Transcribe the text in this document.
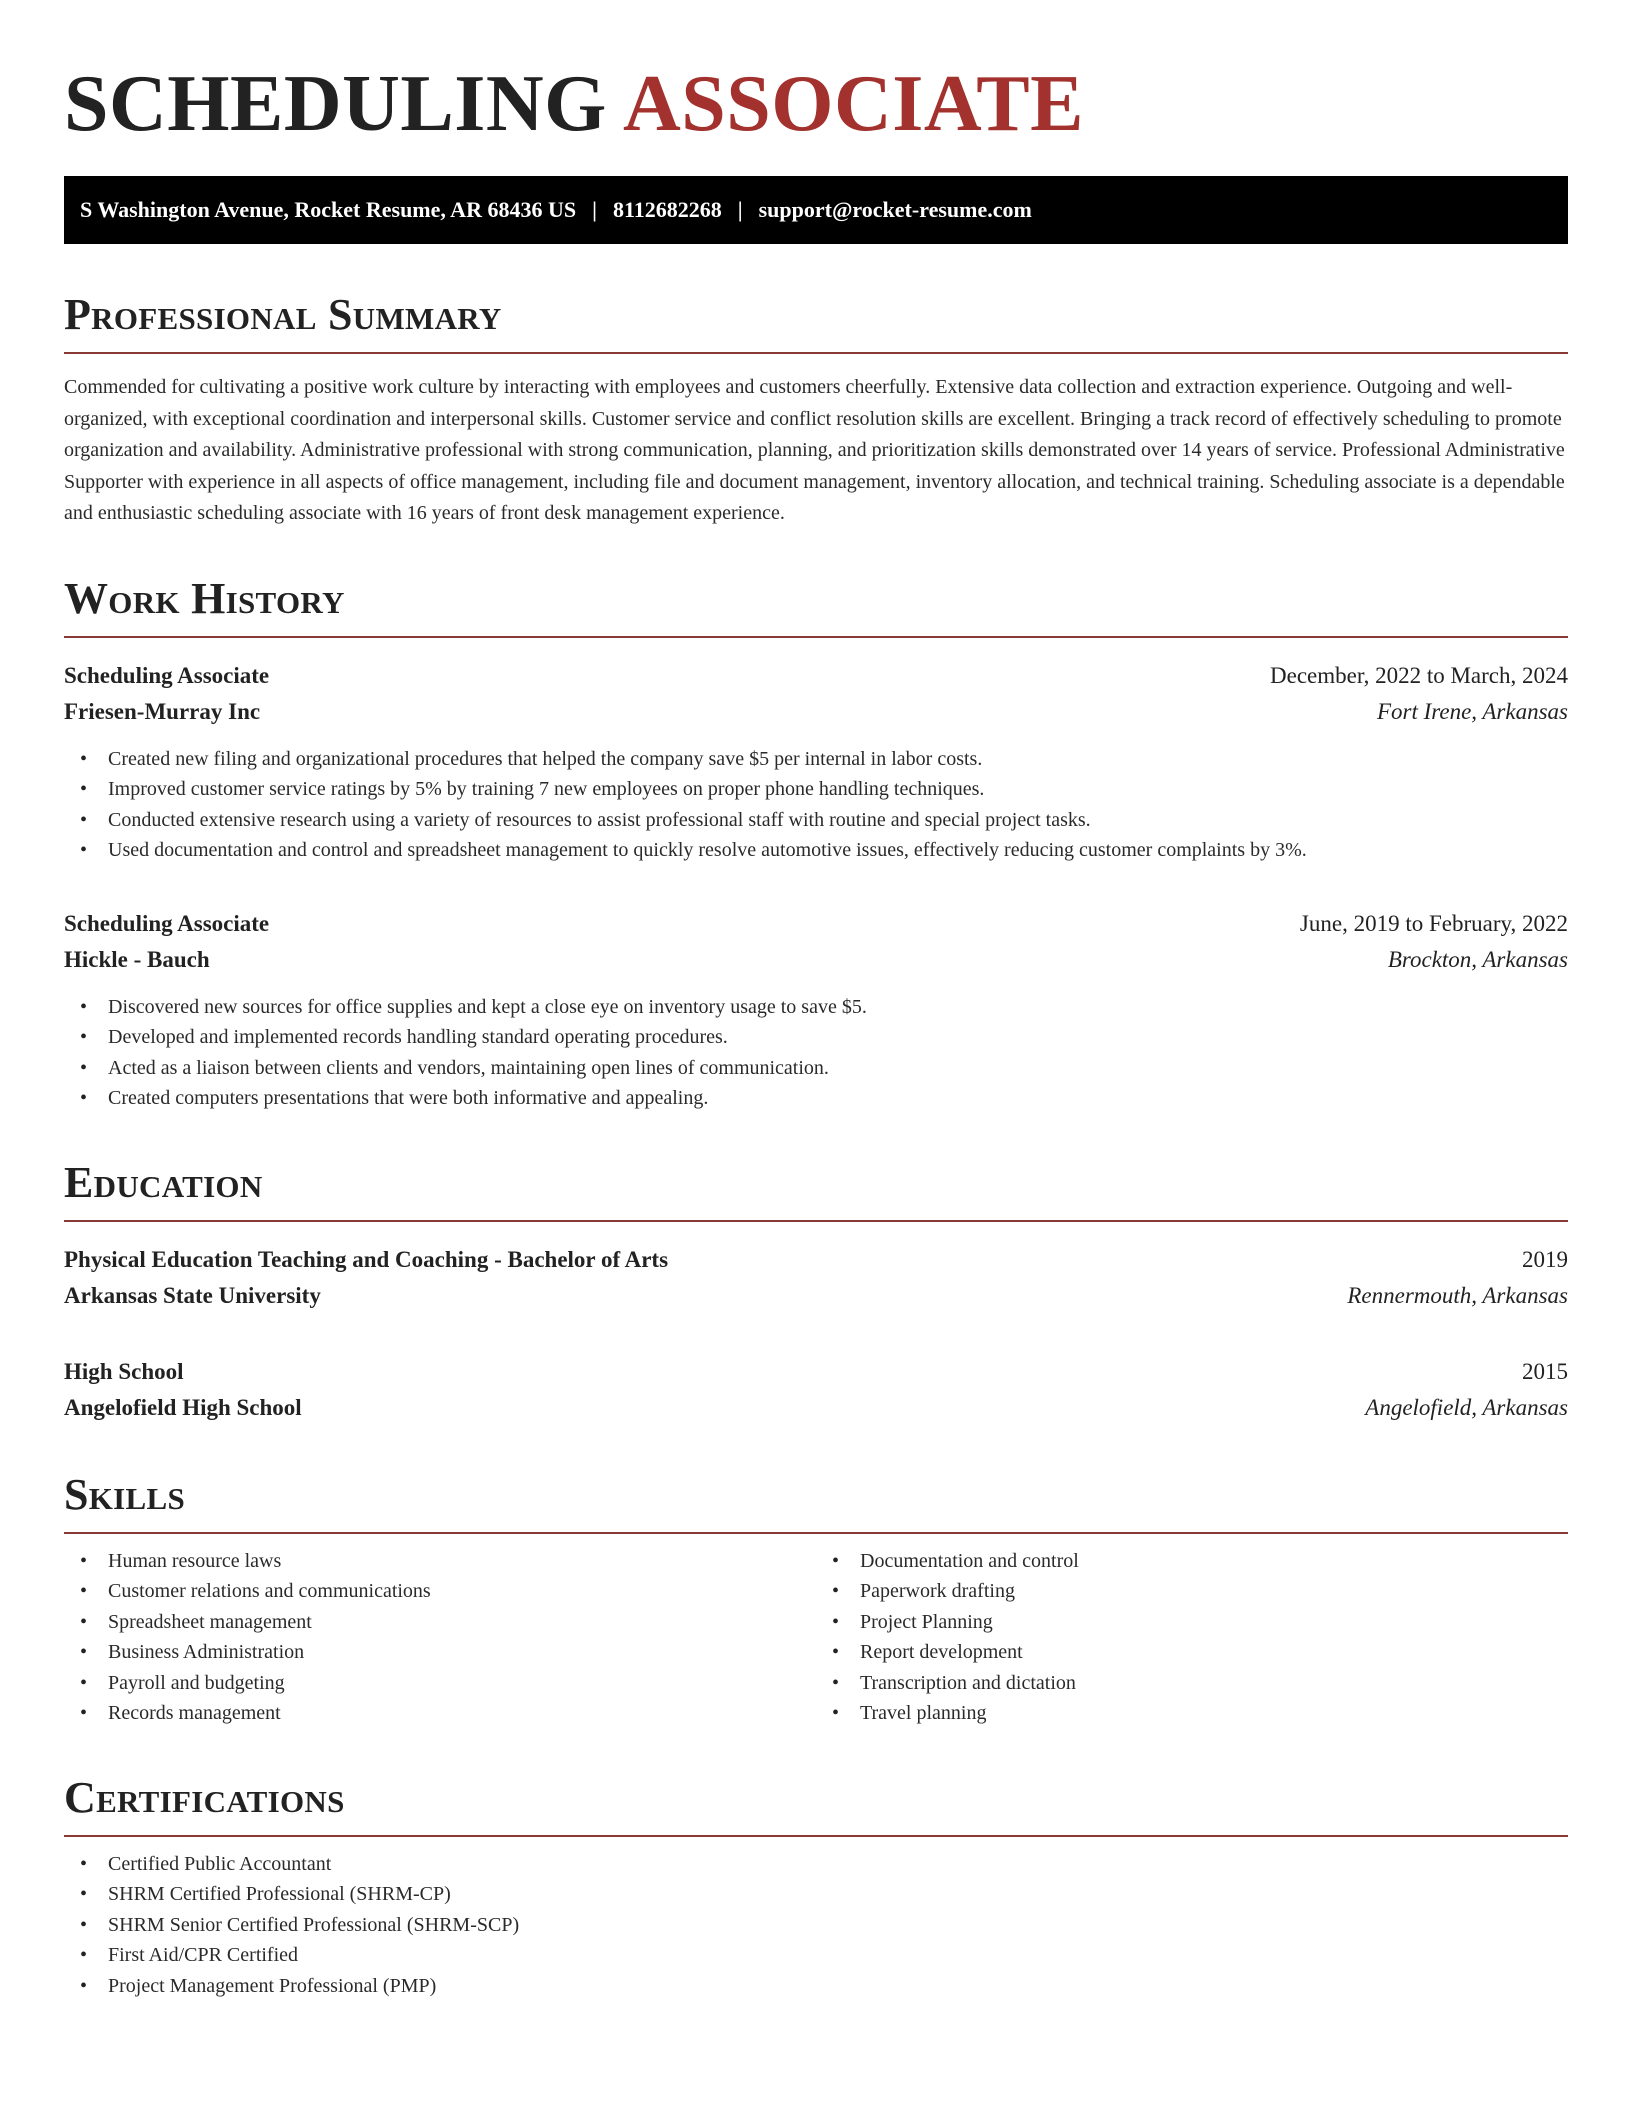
SCHEDULING ASSOCIATE
S Washington Avenue, Rocket Resume, AR 68436 US | 8112682268 | support@rocket-resume.com
Professional Summary

Commended for cultivating a positive work culture by interacting with employees and customers cheerfully. Extensive data collection and extraction experience. Outgoing and well-organized, with exceptional coordination and interpersonal skills. Customer service and conflict resolution skills are excellent. Bringing a track record of effectively scheduling to promote organization and availability. Administrative professional with strong communication, planning, and prioritization skills demonstrated over 14 years of service. Professional Administrative Supporter with experience in all aspects of office management, including file and document management, inventory allocation, and technical training. Scheduling associate is a dependable and enthusiastic scheduling associate with 16 years of front desk management experience.

Work History
Scheduling Associate	December, 2022 to March, 2024
Friesen-Murray Inc	Fort Irene, Arkansas
• Created new filing and organizational procedures that helped the company save $5 per internal in labor costs.
• Improved customer service ratings by 5% by training 7 new employees on proper phone handling techniques.
• Conducted extensive research using a variety of resources to assist professional staff with routine and special project tasks.
• Used documentation and control and spreadsheet management to quickly resolve automotive issues, effectively reducing customer complaints by 3%.
Scheduling Associate	June, 2019 to February, 2022
Hickle - Bauch	Brockton, Arkansas
• Discovered new sources for office supplies and kept a close eye on inventory usage to save $5.
• Developed and implemented records handling standard operating procedures.
• Acted as a liaison between clients and vendors, maintaining open lines of communication.
• Created computers presentations that were both informative and appealing.
Education
Physical Education Teaching and Coaching - Bachelor of Arts	2019
Arkansas State University	Rennermouth, Arkansas
High School	2015
Angelofield High School	Angelofield, Arkansas
Skills
• Human resource laws
• Customer relations and communications
• Spreadsheet management
• Business Administration
• Payroll and budgeting
• Records management
• Documentation and control
• Paperwork drafting
• Project Planning
• Report development
• Transcription and dictation
• Travel planning
Certifications
• Certified Public Accountant
• SHRM Certified Professional (SHRM-CP)
• SHRM Senior Certified Professional (SHRM-SCP)
• First Aid/CPR Certified
• Project Management Professional (PMP)
